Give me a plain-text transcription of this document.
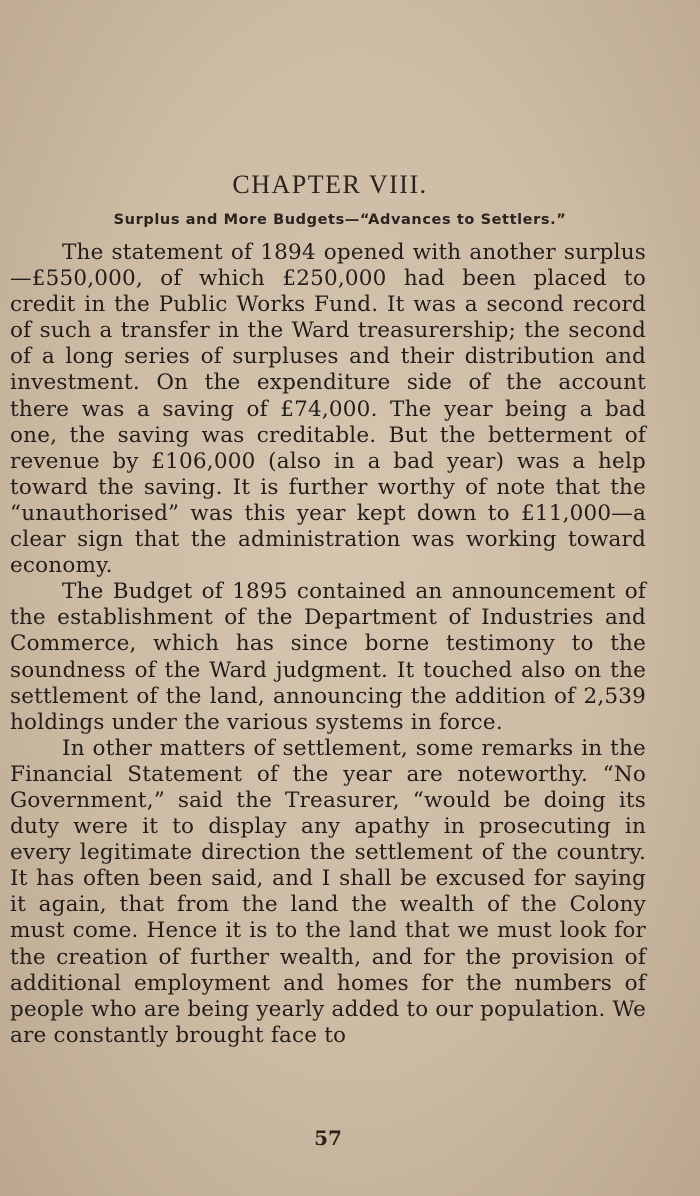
CHAPTER VIII.
Surplus and More Budgets—“Advances to Settlers.”

The statement of 1894 opened with another surplus—£550,000, of which £250,000 had been placed to credit in the Public Works Fund. It was a second record of such a transfer in the Ward treasurership; the second of a long series of surpluses and their distribution and investment. On the expenditure side of the account there was a saving of £74,000. The year being a bad one, the saving was creditable. But the betterment of revenue by £106,000 (also in a bad year) was a help toward the saving. It is further worthy of note that the “unauthorised” was this year kept down to £11,000—a clear sign that the administration was working toward economy.

The Budget of 1895 contained an announcement of the establishment of the Department of Industries and Commerce, which has since borne testimony to the soundness of the Ward judgment. It touched also on the settlement of the land, announcing the addition of 2,539 holdings under the various systems in force.

In other matters of settlement, some remarks in the Financial Statement of the year are noteworthy. “No Government,” said the Treasurer, “would be doing its duty were it to display any apathy in prosecuting in every legitimate direction the settlement of the country. It has often been said, and I shall be excused for saying it again, that from the land the wealth of the Colony must come. Hence it is to the land that we must look for the creation of further wealth, and for the provision of additional employment and homes for the numbers of people who are being yearly added to our population. We are constantly brought face to

57
